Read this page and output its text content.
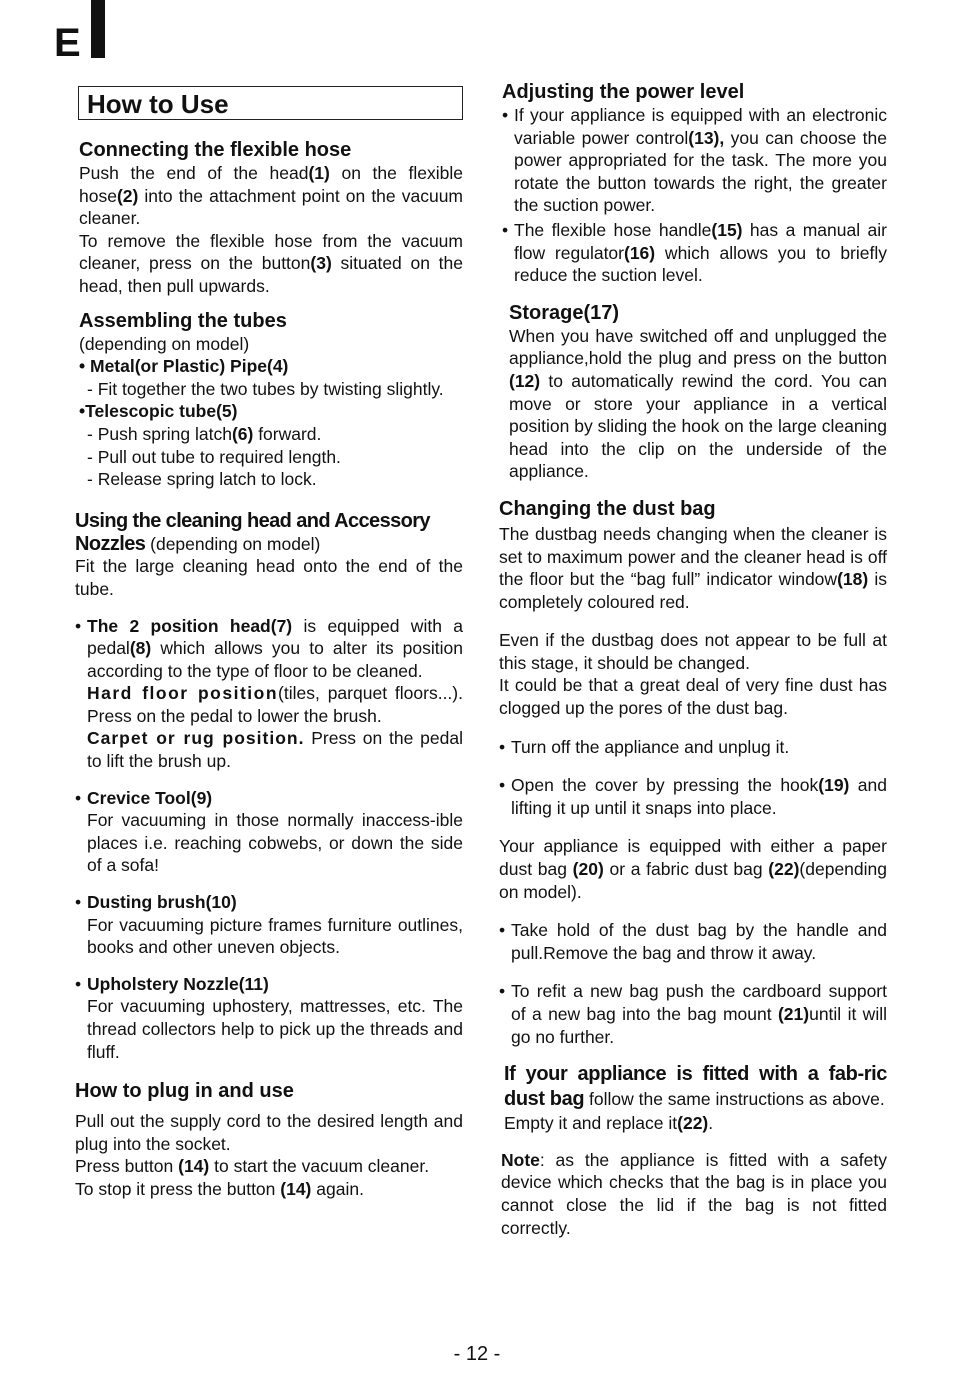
E
How to Use
Connecting the flexible hose

Push the end of the head(1) on the flexible hose(2) into the attachment point on the vacuum cleaner.

To remove the flexible hose from the vacuum cleaner, press on the button(3) situated on the head, then pull upwards.

Assembling the tubes

(depending on model)

• Metal(or Plastic) Pipe(4)

- Fit together the two tubes by twisting slightly.

•Telescopic tube(5)

- Push spring latch(6) forward.

- Pull out tube to required length.

- Release spring latch to lock.

Using the cleaning head and Accessory

Nozzles (depending on model)

Fit the large cleaning head onto the end of the tube.

• The 2 position head(7) is equipped with a pedal(8) which allows you to alter its position according to the type of floor to be cleaned.

Hard floor position(tiles, parquet floors...). Press on the pedal to lower the brush.

Carpet or rug position. Press on the pedal to lift the brush up.

• Crevice Tool(9)

For vacuuming in those normally inaccess-ible places i.e. reaching cobwebs, or down the side of a sofa!

• Dusting brush(10)

For vacuuming picture frames furniture outlines, books and other uneven objects.

• Upholstery Nozzle(11)

For vacuuming uphostery, mattresses, etc. The thread collectors help to pick up the threads and fluff.

How to plug in and use

Pull out the supply cord to the desired length and plug into the socket.

Press button (14) to start the vacuum cleaner.

To stop it press the button (14) again.

Adjusting the power level
• If your appliance is equipped with an electronic variable power control(13), you can choose the power appropriated for the task. The more you rotate the button towards the right, the greater the suction power.

• The flexible hose handle(15) has a manual air flow regulator(16) which allows you to briefly reduce the suction level.

Storage(17)

When you have switched off and unplugged the appliance,hold the plug and press on the button (12) to automatically rewind the cord. You can move or store your appliance in a vertical position by sliding the hook on the large cleaning head into the clip on the underside of the appliance.

Changing the dust bag

The dustbag needs changing when the cleaner is set to maximum power and the cleaner head is off the floor but the “bag full” indicator window(18) is completely coloured red.

Even if the dustbag does not appear to be full at this stage, it should be changed.

It could be that a great deal of very fine dust has clogged up the pores of the dust bag.

• Turn off the appliance and unplug it.

• Open the cover by pressing the hook(19) and lifting it up until it snaps into place.

Your appliance is equipped with either a paper dust bag (20) or a fabric dust bag (22)(depending on model).

• Take hold of the dust bag by the handle and pull.Remove the bag and throw it away.

• To refit a new bag push the cardboard support of a new bag into the bag mount (21)until it will go no further.

If your appliance is fitted with a fab-ric dust bag follow the same instructions as above.

Empty it and replace it(22).

Note: as the appliance is fitted with a safety device which checks that the bag is in place you cannot close the lid if the bag is not fitted correctly.

- 12 -
